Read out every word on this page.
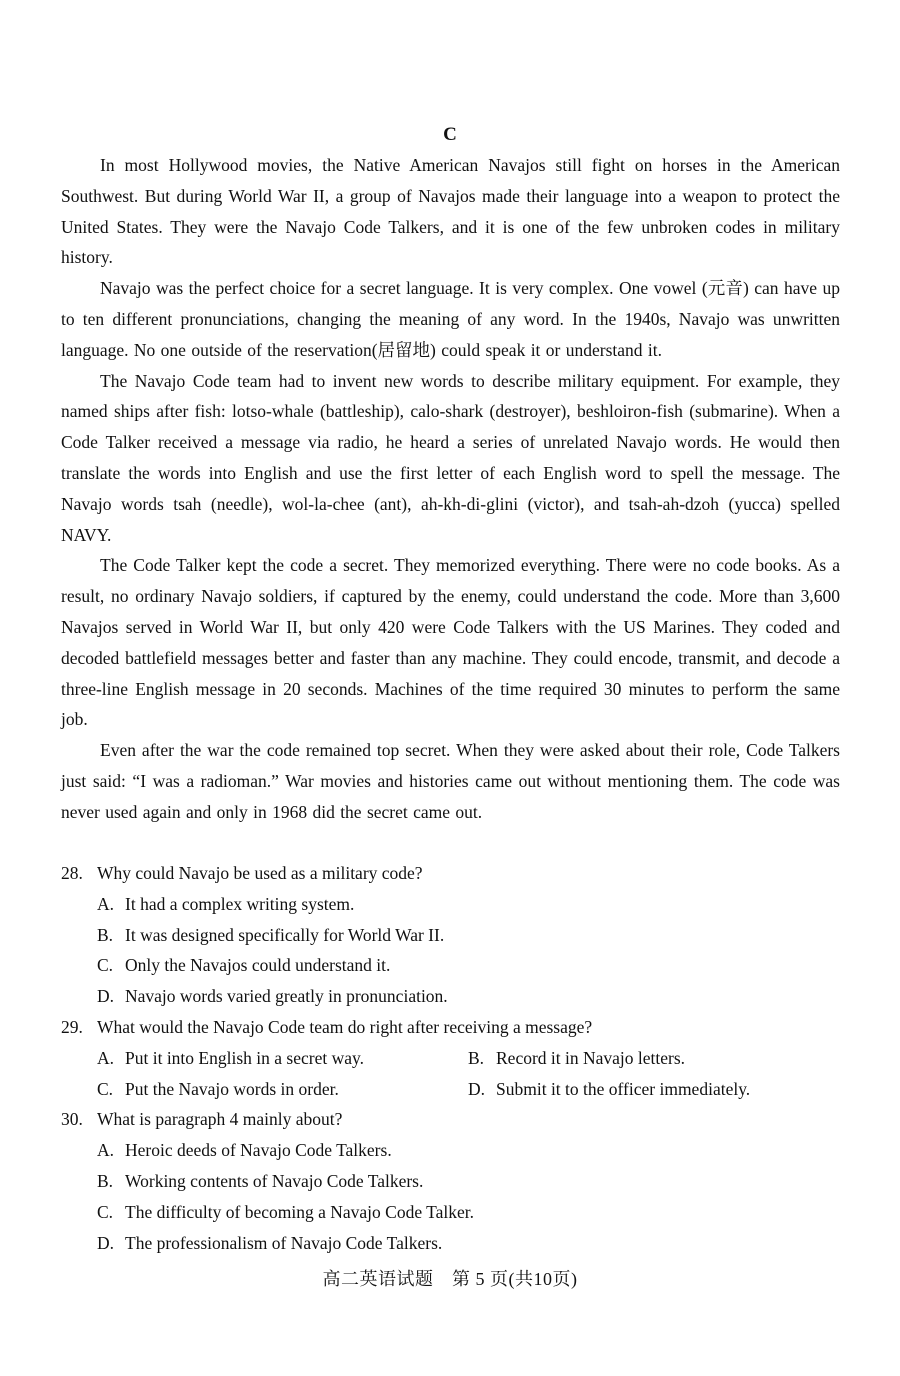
C

In most Hollywood movies, the Native American Navajos still fight on horses in the American Southwest. But during World War II, a group of Navajos made their language into a weapon to protect the United States. They were the Navajo Code Talkers, and it is one of the few unbroken codes in military history.

Navajo was the perfect choice for a secret language. It is very complex. One vowel (元音) can have up to ten different pronunciations, changing the meaning of any word. In the 1940s, Navajo was unwritten language. No one outside of the reservation(居留地) could speak it or understand it.

The Navajo Code team had to invent new words to describe military equipment. For example, they named ships after fish: lotso-whale (battleship), calo-shark (destroyer), beshloiron-fish (submarine). When a Code Talker received a message via radio, he heard a series of unrelated Navajo words. He would then translate the words into English and use the first letter of each English word to spell the message. The Navajo words tsah (needle), wol-la-chee (ant), ah-kh-di-glini (victor), and tsah-ah-dzoh (yucca) spelled NAVY.

The Code Talker kept the code a secret. They memorized everything. There were no code books. As a result, no ordinary Navajo soldiers, if captured by the enemy, could understand the code. More than 3,600 Navajos served in World War II, but only 420 were Code Talkers with the US Marines. They coded and decoded battlefield messages better and faster than any machine. They could encode, transmit, and decode a three-line English message in 20 seconds. Machines of the time required 30 minutes to perform the same job.

Even after the war the code remained top secret. When they were asked about their role, Code Talkers just said: “I was a radioman.” War movies and histories came out without mentioning them. The code was never used again and only in 1968 did the secret came out.

28. Why could Navajo be used as a military code?
A. It had a complex writing system.
B. It was designed specifically for World War II.
C. Only the Navajos could understand it.
D. Navajo words varied greatly in pronunciation.
29. What would the Navajo Code team do right after receiving a message?
A. Put it into English in a secret way.	B. Record it in Navajo letters.
C. Put the Navajo words in order.	D. Submit it to the officer immediately.
30. What is paragraph 4 mainly about?
A. Heroic deeds of Navajo Code Talkers.
B. Working contents of Navajo Code Talkers.
C. The difficulty of becoming a Navajo Code Talker.
D. The professionalism of Navajo Code Talkers.
高二英语试题　第 5 页(共10页)
